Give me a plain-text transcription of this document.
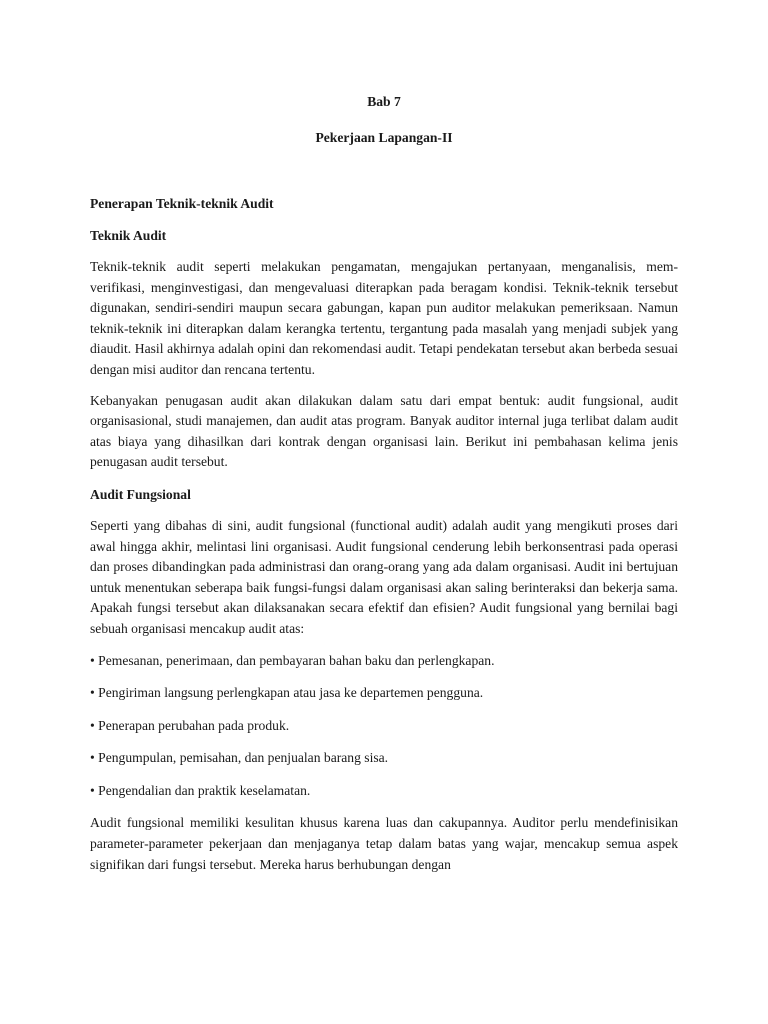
Bab 7
Pekerjaan Lapangan-II
Penerapan Teknik-teknik Audit
Teknik Audit

Teknik-teknik audit seperti melakukan pengamatan, mengajukan pertanyaan, menganalisis, mem- verifikasi, menginvestigasi, dan mengevaluasi diterapkan pada beragam kondisi. Teknik-teknik tersebut digunakan, sendiri-sendiri maupun secara gabungan, kapan pun auditor melakukan pemeriksaan. Namun teknik-teknik ini diterapkan dalam kerangka tertentu, tergantung pada masalah yang menjadi subjek yang diaudit. Hasil akhirnya adalah opini dan rekomendasi audit. Tetapi pendekatan tersebut akan berbeda sesuai dengan misi auditor dan rencana tertentu.

Kebanyakan penugasan audit akan dilakukan dalam satu dari empat bentuk: audit fungsional, audit organisasional, studi manajemen, dan audit atas program. Banyak auditor internal juga terlibat dalam audit atas biaya yang dihasilkan dari kontrak dengan organisasi lain. Berikut ini pembahasan kelima jenis penugasan audit tersebut.

Audit Fungsional

Seperti yang dibahas di sini, audit fungsional (functional audit) adalah audit yang mengikuti proses dari awal hingga akhir, melintasi lini organisasi. Audit fungsional cenderung lebih berkonsentrasi pada operasi dan proses dibandingkan pada administrasi dan orang-orang yang ada dalam organisasi. Audit ini bertujuan untuk menentukan seberapa baik fungsi-fungsi dalam organisasi akan saling berinteraksi dan bekerja sama. Apakah fungsi tersebut akan dilaksanakan secara efektif dan efisien? Audit fungsional yang bernilai bagi sebuah organisasi mencakup audit atas:

• Pemesanan, penerimaan, dan pembayaran bahan baku dan perlengkapan.
• Pengiriman langsung perlengkapan atau jasa ke departemen pengguna.
• Penerapan perubahan pada produk.
• Pengumpulan, pemisahan, dan penjualan barang sisa.
• Pengendalian dan praktik keselamatan.

Audit fungsional memiliki kesulitan khusus karena luas dan cakupannya. Auditor perlu mendefinisikan parameter-parameter pekerjaan dan menjaganya tetap dalam batas yang wajar, mencakup semua aspek signifikan dari fungsi tersebut. Mereka harus berhubungan dengan
